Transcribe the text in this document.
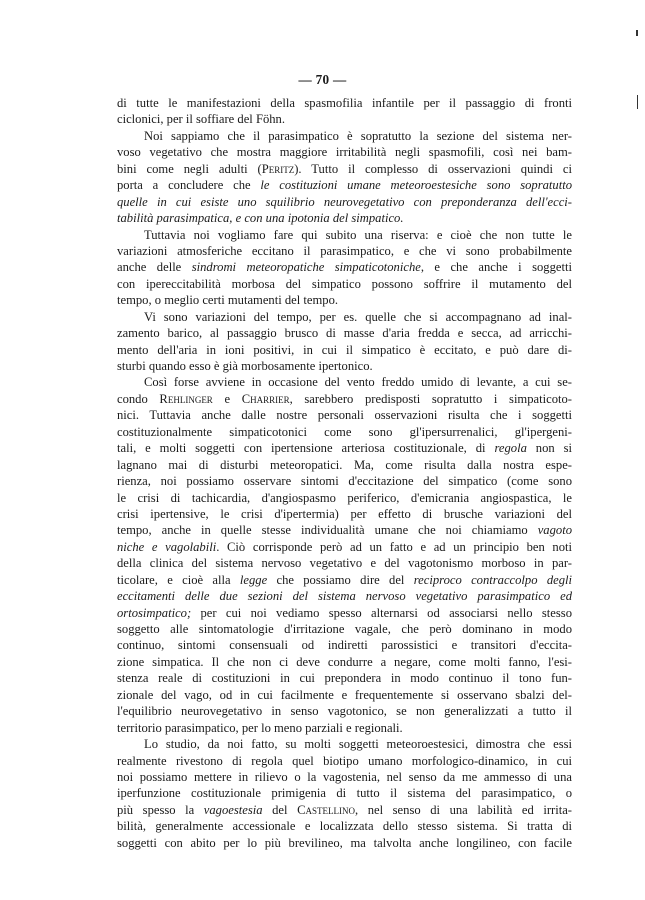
— 70 —
di tutte le manifestazioni della spasmofilia infantile per il passaggio di fronti
ciclonici, per il soffiare del Föhn.
Noi sappiamo che il parasimpatico è sopratutto la sezione del sistema ner-
voso vegetativo che mostra maggiore irritabilità negli spasmofili, così nei bam-
bini come negli adulti (Peritz). Tutto il complesso di osservazioni quindi ci
porta a concludere che le costituzioni umane meteoroestesiche sono sopratutto
quelle in cui esiste uno squilibrio neurovegetativo con preponderanza dell'ecci-
tabilità parasimpatica, e con una ipotonia del simpatico.
Tuttavia noi vogliamo fare qui subito una riserva: e cioè che non tutte le
variazioni atmosferiche eccitano il parasimpatico, e che vi sono probabilmente
anche delle sindromi meteoropatiche simpaticotoniche, e che anche i soggetti
con ipereccitabilità morbosa del simpatico possono soffrire il mutamento del
tempo, o meglio certi mutamenti del tempo.
Vi sono variazioni del tempo, per es. quelle che si accompagnano ad inal-
zamento barico, al passaggio brusco di masse d'aria fredda e secca, ad arricchi-
mento dell'aria in ioni positivi, in cui il simpatico è eccitato, e può dare di-
sturbi quando esso è già morbosamente ipertonico.
Così forse avviene in occasione del vento freddo umido di levante, a cui se-
condo Rehlinger e Charrier, sarebbero predisposti sopratutto i simpaticoto-
nici. Tuttavia anche dalle nostre personali osservazioni risulta che i soggetti
costituzionalmente simpaticotonici come sono gl'ipersurrenalici, gl'ipergeni-
tali, e molti soggetti con ipertensione arteriosa costituzionale, di regola non si
lagnano mai di disturbi meteoropatici. Ma, come risulta dalla nostra espe-
rienza, noi possiamo osservare sintomi d'eccitazione del simpatico (come sono
le crisi di tachicardia, d'angiospasmo periferico, d'emicrania angiospastica, le
crisi ipertensive, le crisi d'ipertermia) per effetto di brusche variazioni del
tempo, anche in quelle stesse individualità umane che noi chiamiamo vagoto
niche e vagolabili. Ciò corrisponde però ad un fatto e ad un principio ben noti
della clinica del sistema nervoso vegetativo e del vagotonismo morboso in par-
ticolare, e cioè alla legge che possiamo dire del reciproco contraccolpo degli
eccitamenti delle due sezioni del sistema nervoso vegetativo parasimpatico ed
ortosimpatico; per cui noi vediamo spesso alternarsi od associarsi nello stesso
soggetto alle sintomatologie d'irritazione vagale, che però dominano in modo
continuo, sintomi consensuali od indiretti parossistici e transitori d'eccita-
zione simpatica. Il che non ci deve condurre a negare, come molti fanno, l'esi-
stenza reale di costituzioni in cui prepondera in modo continuo il tono fun-
zionale del vago, od in cui facilmente e frequentemente si osservano sbalzi del-
l'equilibrio neurovegetativo in senso vagotonico, se non generalizzati a tutto il
territorio parasimpatico, per lo meno parziali e regionali.
Lo studio, da noi fatto, su molti soggetti meteoroestesici, dimostra che essi
realmente rivestono di regola quel biotipo umano morfologico-dinamico, in cui
noi possiamo mettere in rilievo o la vagostenia, nel senso da me ammesso di una
iperfunzione costituzionale primigenia di tutto il sistema del parasimpatico, o
più spesso la vagoestesia del Castellino, nel senso di una labilità ed irrita-
bilità, generalmente accessionale e localizzata dello stesso sistema. Si tratta di
soggetti con abito per lo più brevilineo, ma talvolta anche longilineo, con facile
